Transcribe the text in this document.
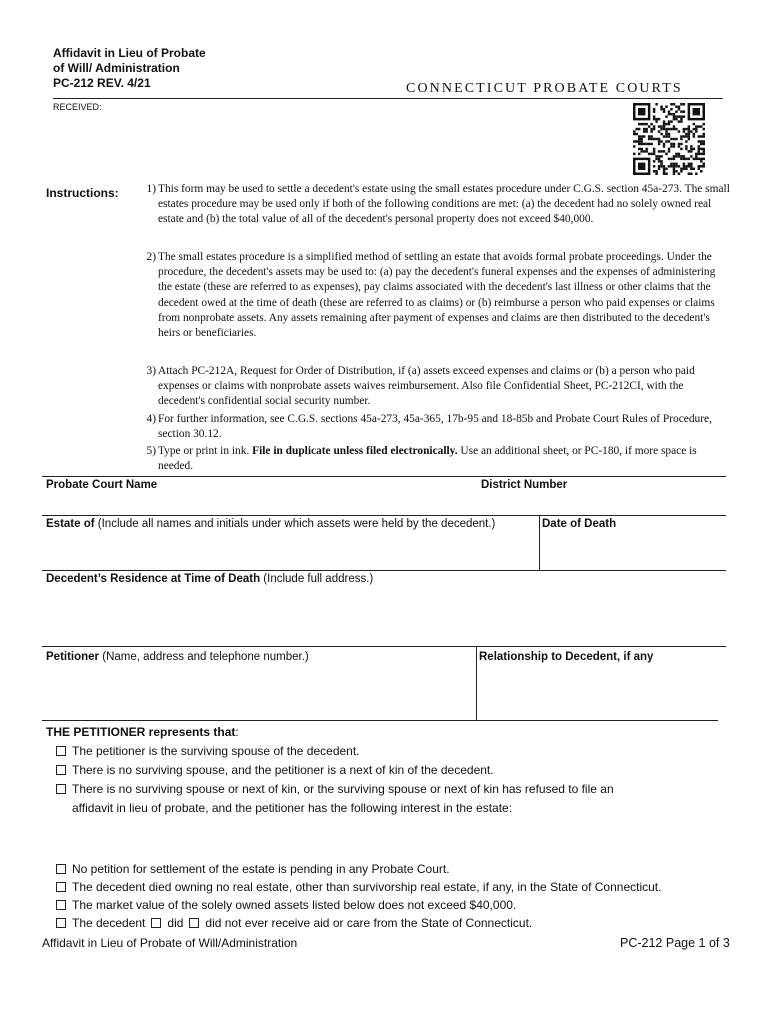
Affidavit in Lieu of Probate
of Will/ Administration
PC-212 REV. 4/21	CONNECTICUT PROBATE COURTS
RECEIVED:
Instructions:	1) This form may be used to settle a decedent's estate using the small estates procedure under C.G.S. section 45a-273. The small estates procedure may be used only if both of the following conditions are met: (a) the decedent had no solely owned real estate and (b) the total value of all of the decedent's personal property does not exceed $40,000.
2) The small estates procedure is a simplified method of settling an estate that avoids formal probate proceedings. Under the procedure, the decedent's assets may be used to: (a) pay the decedent's funeral expenses and the expenses of administering the estate (these are referred to as expenses), pay claims associated with the decedent's last illness or other claims that the decedent owed at the time of death (these are referred to as claims) or (b) reimburse a person who paid expenses or claims from nonprobate assets. Any assets remaining after payment of expenses and claims are then distributed to the decedent's heirs or beneficiaries.
3) Attach PC-212A, Request for Order of Distribution, if (a) assets exceed expenses and claims or (b) a person who paid expenses or claims with nonprobate assets waives reimbursement. Also file Confidential Sheet, PC-212CI, with the decedent's confidential social security number.
4) For further information, see C.G.S. sections 45a-273, 45a-365, 17b-95 and 18-85b and Probate Court Rules of Procedure, section 30.12.
5) Type or print in ink. File in duplicate unless filed electronically. Use an additional sheet, or PC-180, if more space is needed.
Probate Court Name	District Number
Estate of (Include all names and initials under which assets were held by the decedent.)	Date of Death
Decedent’s Residence at Time of Death (Include full address.)
Petitioner (Name, address and telephone number.)	Relationship to Decedent, if any
THE PETITIONER represents that:
The petitioner is the surviving spouse of the decedent.
There is no surviving spouse, and the petitioner is a next of kin of the decedent.
There is no surviving spouse or next of kin, or the surviving spouse or next of kin has refused to file an
affidavit in lieu of probate, and the petitioner has the following interest in the estate:
No petition for settlement of the estate is pending in any Probate Court.
The decedent died owning no real estate, other than survivorship real estate, if any, in the State of Connecticut.
The market value of the solely owned assets listed below does not exceed $40,000.
The decedent did did not ever receive aid or care from the State of Connecticut.
Affidavit in Lieu of Probate of Will/Administration	PC-212 Page 1 of 3
